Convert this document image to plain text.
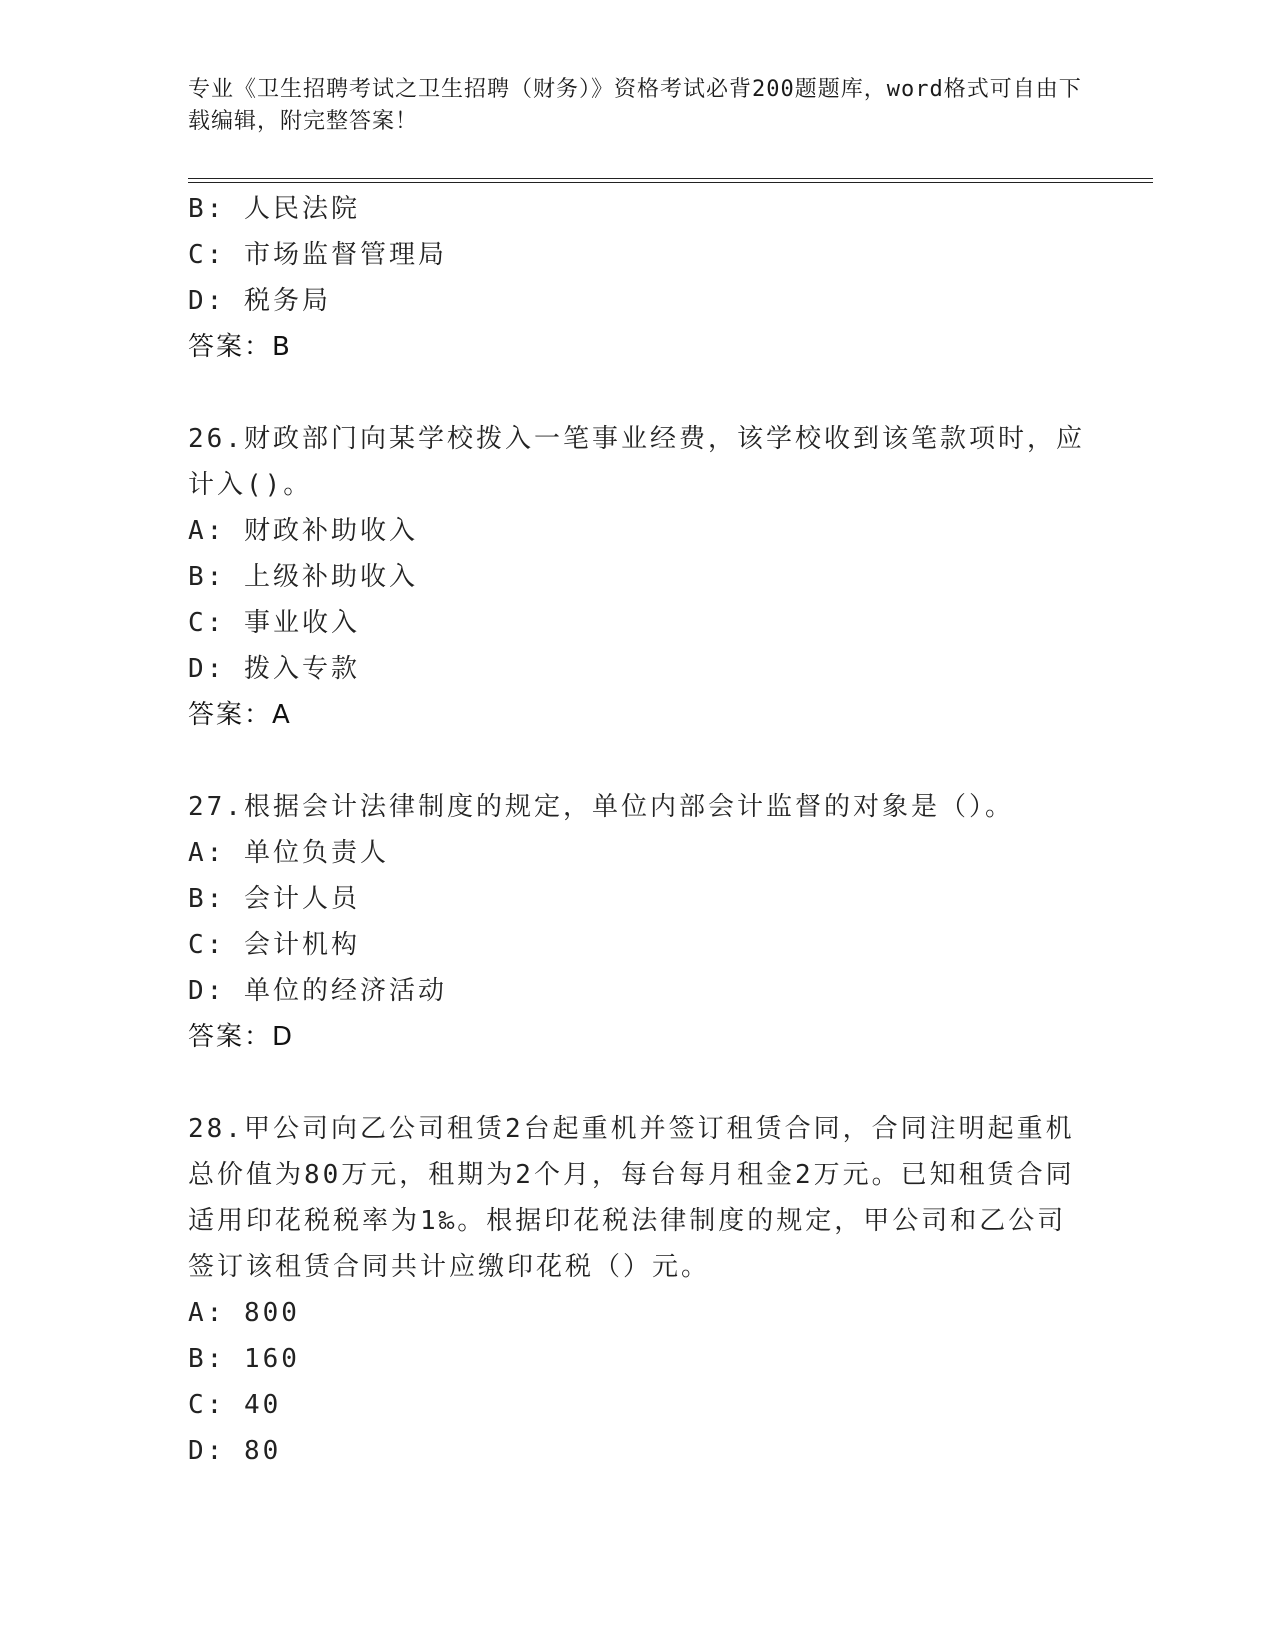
专业《卫生招聘考试之卫生招聘（财务）》资格考试必背200题题库，word格式可自由下载编辑，附完整答案！
B: 人民法院
C: 市场监督管理局
D: 税务局
答案：B
26.财政部门向某学校拨入一笔事业经费，该学校收到该笔款项时，应计入()。
A: 财政补助收入
B: 上级补助收入
C: 事业收入
D: 拨入专款
答案：A
27.根据会计法律制度的规定，单位内部会计监督的对象是（）。
A: 单位负责人
B: 会计人员
C: 会计机构
D: 单位的经济活动
答案：D
28.甲公司向乙公司租赁2台起重机并签订租赁合同，合同注明起重机总价值为80万元，租期为2个月，每台每月租金2万元。已知租赁合同适用印花税税率为1‰。根据印花税法律制度的规定，甲公司和乙公司签订该租赁合同共计应缴印花税（）元。
A: 800
B: 160
C: 40
D: 80
